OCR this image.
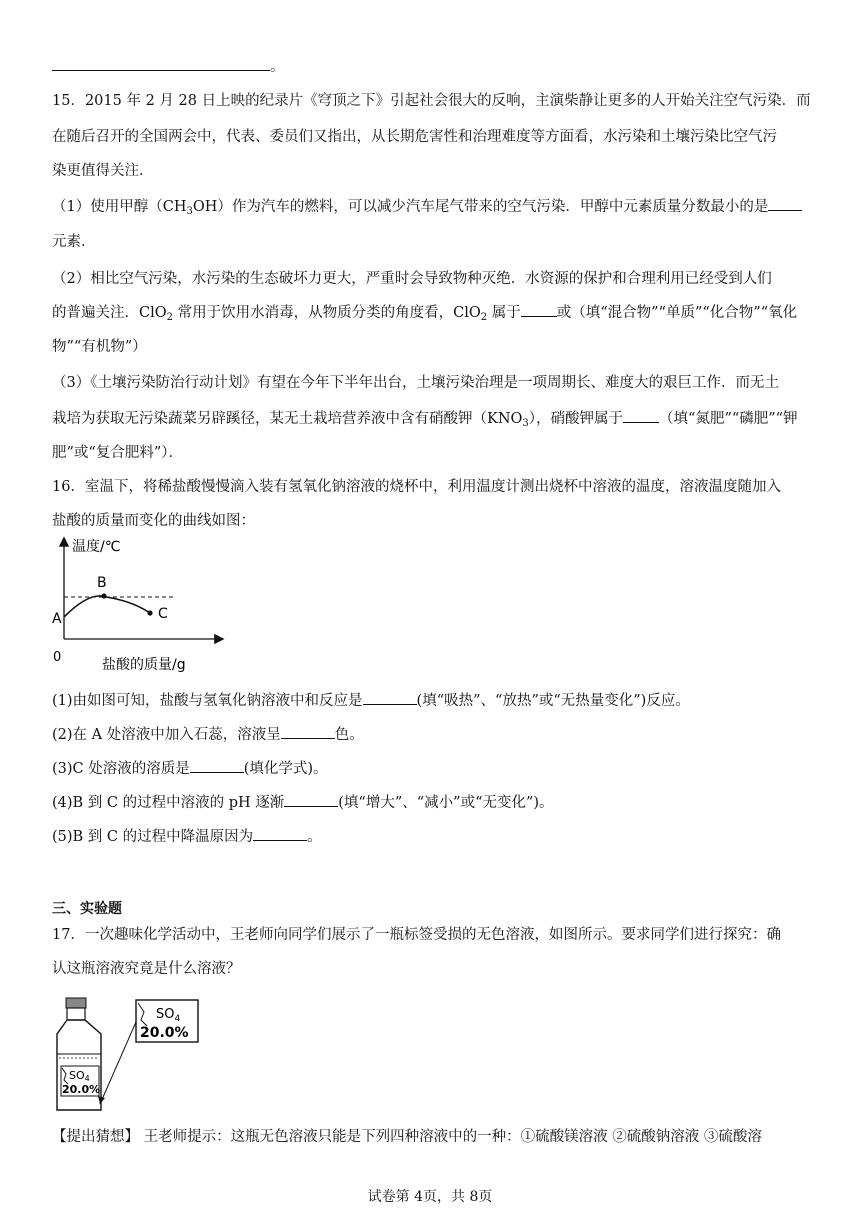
。
15．2015 年 2 月 28 日上映的纪录片《穹顶之下》引起社会很大的反响，主演柴静让更多的人开始关注空气污染．而
在随后召开的全国两会中，代表、委员们又指出，从长期危害性和治理难度等方面看，水污染和土壤污染比空气污
染更值得关注．
（1）使用甲醇$(CH_3OH)$作为汽车的燃料，可以减少汽车尾气带来的空气污染．甲醇中元素质量分数最小的是
元素．
（2）相比空气污染，水污染的生态破坏力更大，严重时会导致物种灭绝．水资源的保护和合理利用已经受到人们
的普遍关注．ClO$_2$ 常用于饮用水消毒，从物质分类的角度看，ClO$_2$ 属于 或（填“混合物”“单质”“化合物”“氧化
物”“有机物”）
（3）《土壤污染防治行动计划》有望在今年下半年出台，土壤污染治理是一项周期长、难度大的艰巨工作．而无土
栽培为获取无污染蔬菜另辟蹊径，某无土栽培营养液中含有硝酸钾$(KNO_3)$，硝酸钾属于 （填“氮肥”“磷肥”“钾
肥”或“复合肥料”）．
16．室温下，将稀盐酸慢慢滴入装有氢氧化钠溶液的烧杯中，利用温度计测出烧杯中溶液的温度，溶液温度随加入
盐酸的质量而变化的曲线如图：
温度/℃
盐酸的质量/g
0
A
B
C
(1)由如图可知，盐酸与氢氧化钠溶液中和反应是	(填“吸热”、“放热”或“无热量变化”)反应。
(2)在 A 处溶液中加入石蕊，溶液呈	色。
(3)C 处溶液的溶质是	(填化学式)。
(4)B 到 C 的过程中溶液的 pH 逐渐	(填“增大”、“减小”或“无变化”)。
(5)B 到 C 的过程中降温原因为	。
三、实验题
17．一次趣味化学活动中，王老师向同学们展示了一瓶标签受损的无色溶液，如图所示。要求同学们进行探究：确
认这瓶溶液究竟是什么溶液？
SO4
20.0%
$SO_4$
20.0%
【提出猜想】 王老师提示：这瓶无色溶液只能是下列四种溶液中的一种：①硫酸镁溶液 ②硫酸钠溶液 ③硫酸溶
试卷第 4页，共 8页
